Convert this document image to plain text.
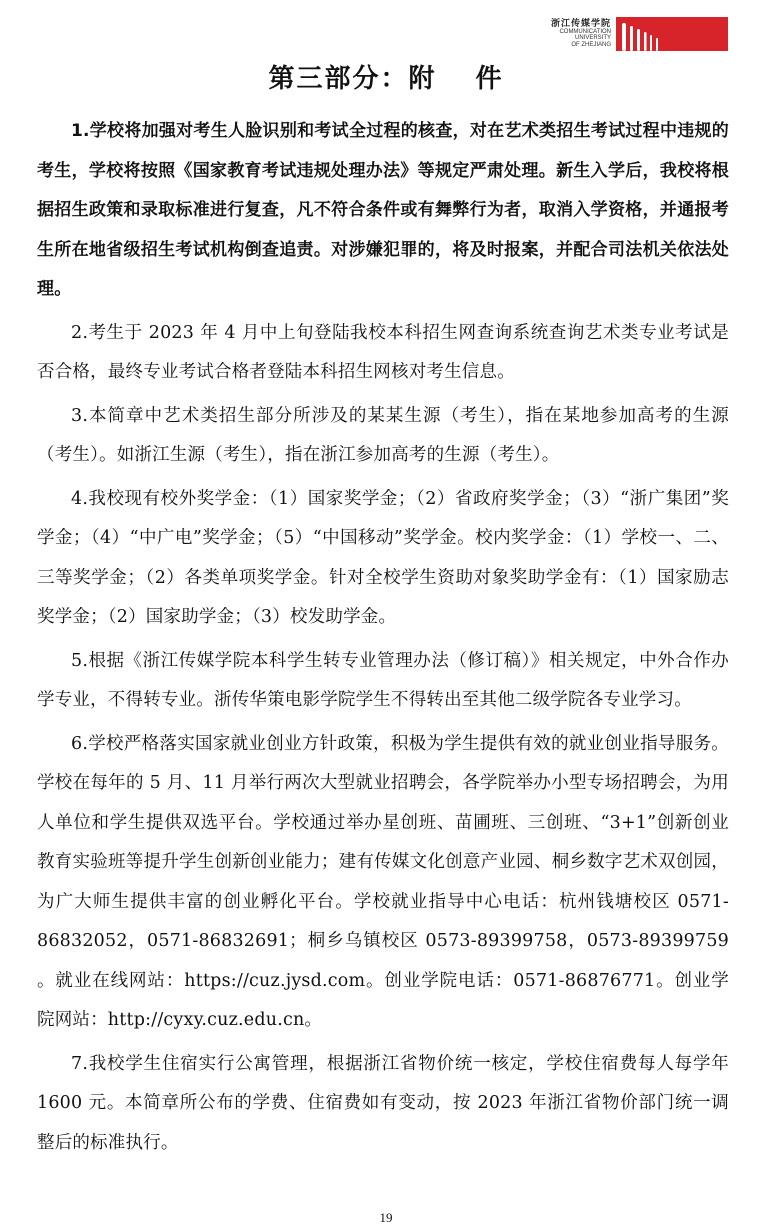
浙江传媒学院
COMMUNICATION
UNIVERSITY
OF ZHEJIANG
第三部分：附　 件

1.学校将加强对考生人脸识别和考试全过程的核查，对在艺术类招生考试过程中违规的考生，学校将按照《国家教育考试违规处理办法》等规定严肃处理。新生入学后，我校将根据招生政策和录取标准进行复查，凡不符合条件或有舞弊行为者，取消入学资格，并通报考生所在地省级招生考试机构倒查追责。对涉嫌犯罪的，将及时报案，并配合司法机关依法处理。

2.考生于 2023 年 4 月中上旬登陆我校本科招生网查询系统查询艺术类专业考试是否合格，最终专业考试合格者登陆本科招生网核对考生信息。

3.本简章中艺术类招生部分所涉及的某某生源（考生），指在某地参加高考的生源（考生）。如浙江生源（考生），指在浙江参加高考的生源（考生）。

4.我校现有校外奖学金：（1）国家奖学金；（2）省政府奖学金；（3）“浙广集团”奖学金；（4）“中广电”奖学金；（5）“中国移动”奖学金。校内奖学金：（1）学校一、二、三等奖学金；（2）各类单项奖学金。针对全校学生资助对象奖助学金有：（1）国家励志奖学金；（2）国家助学金；（3）校发助学金。

5.根据《浙江传媒学院本科学生转专业管理办法（修订稿）》相关规定，中外合作办学专业，不得转专业。浙传华策电影学院学生不得转出至其他二级学院各专业学习。

6.学校严格落实国家就业创业方针政策，积极为学生提供有效的就业创业指导服务。学校在每年的 5 月、11 月举行两次大型就业招聘会，各学院举办小型专场招聘会，为用人单位和学生提供双选平台。学校通过举办星创班、苗圃班、三创班、“3+1”创新创业教育实验班等提升学生创新创业能力；建有传媒文化创意产业园、桐乡数字艺术双创园，为广大师生提供丰富的创业孵化平台。学校就业指导中心电话：杭州钱塘校区 0571-86832052，0571-86832691；桐乡乌镇校区 0573-89399758，0573-89399759 。就业在线网站：https://cuz.jysd.com。创业学院电话：0571-86876771。创业学院网站：http://cyxy.cuz.edu.cn。

7.我校学生住宿实行公寓管理，根据浙江省物价统一核定，学校住宿费每人每学年 1600 元。本简章所公布的学费、住宿费如有变动，按 2023 年浙江省物价部门统一调整后的标准执行。

19
